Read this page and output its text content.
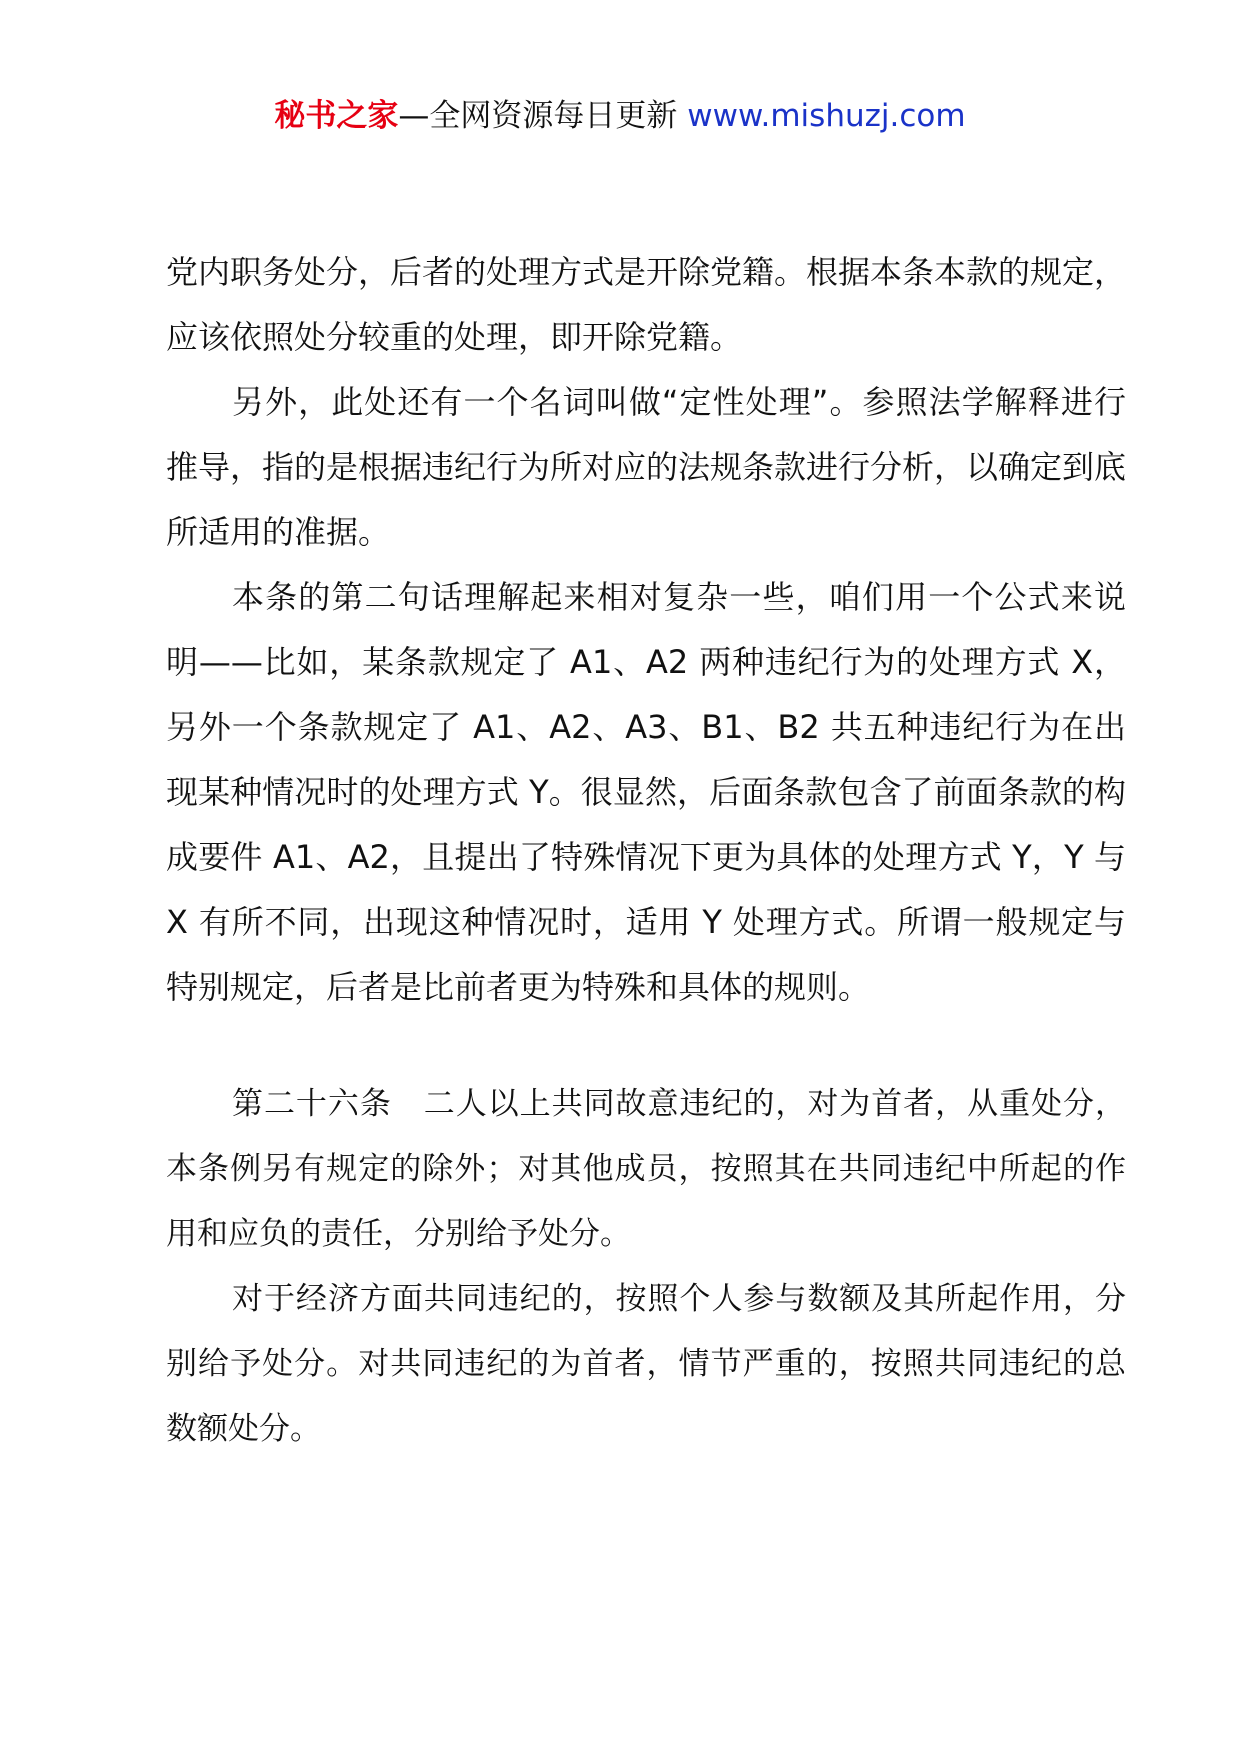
秘书之家—全网资源每日更新 www.mishuzj.com

党内职务处分，后者的处理方式是开除党籍。根据本条本款的规定，应该依照处分较重的处理，即开除党籍。

另外，此处还有一个名词叫做“定性处理”。参照法学解释进行推导，指的是根据违纪行为所对应的法规条款进行分析，以确定到底所适用的准据。

本条的第二句话理解起来相对复杂一些，咱们用一个公式来说明——比如，某条款规定了 A1、A2 两种违纪行为的处理方式 X，另外一个条款规定了 A1、A2、A3、B1、B2 共五种违纪行为在出现某种情况时的处理方式 Y。很显然，后面条款包含了前面条款的构成要件 A1、A2，且提出了特殊情况下更为具体的处理方式 Y，Y 与 X 有所不同，出现这种情况时，适用 Y 处理方式。所谓一般规定与特别规定，后者是比前者更为特殊和具体的规则。

第二十六条　二人以上共同故意违纪的，对为首者，从重处分，本条例另有规定的除外；对其他成员，按照其在共同违纪中所起的作用和应负的责任，分别给予处分。

对于经济方面共同违纪的，按照个人参与数额及其所起作用，分别给予处分。对共同违纪的为首者，情节严重的，按照共同违纪的总数额处分。
